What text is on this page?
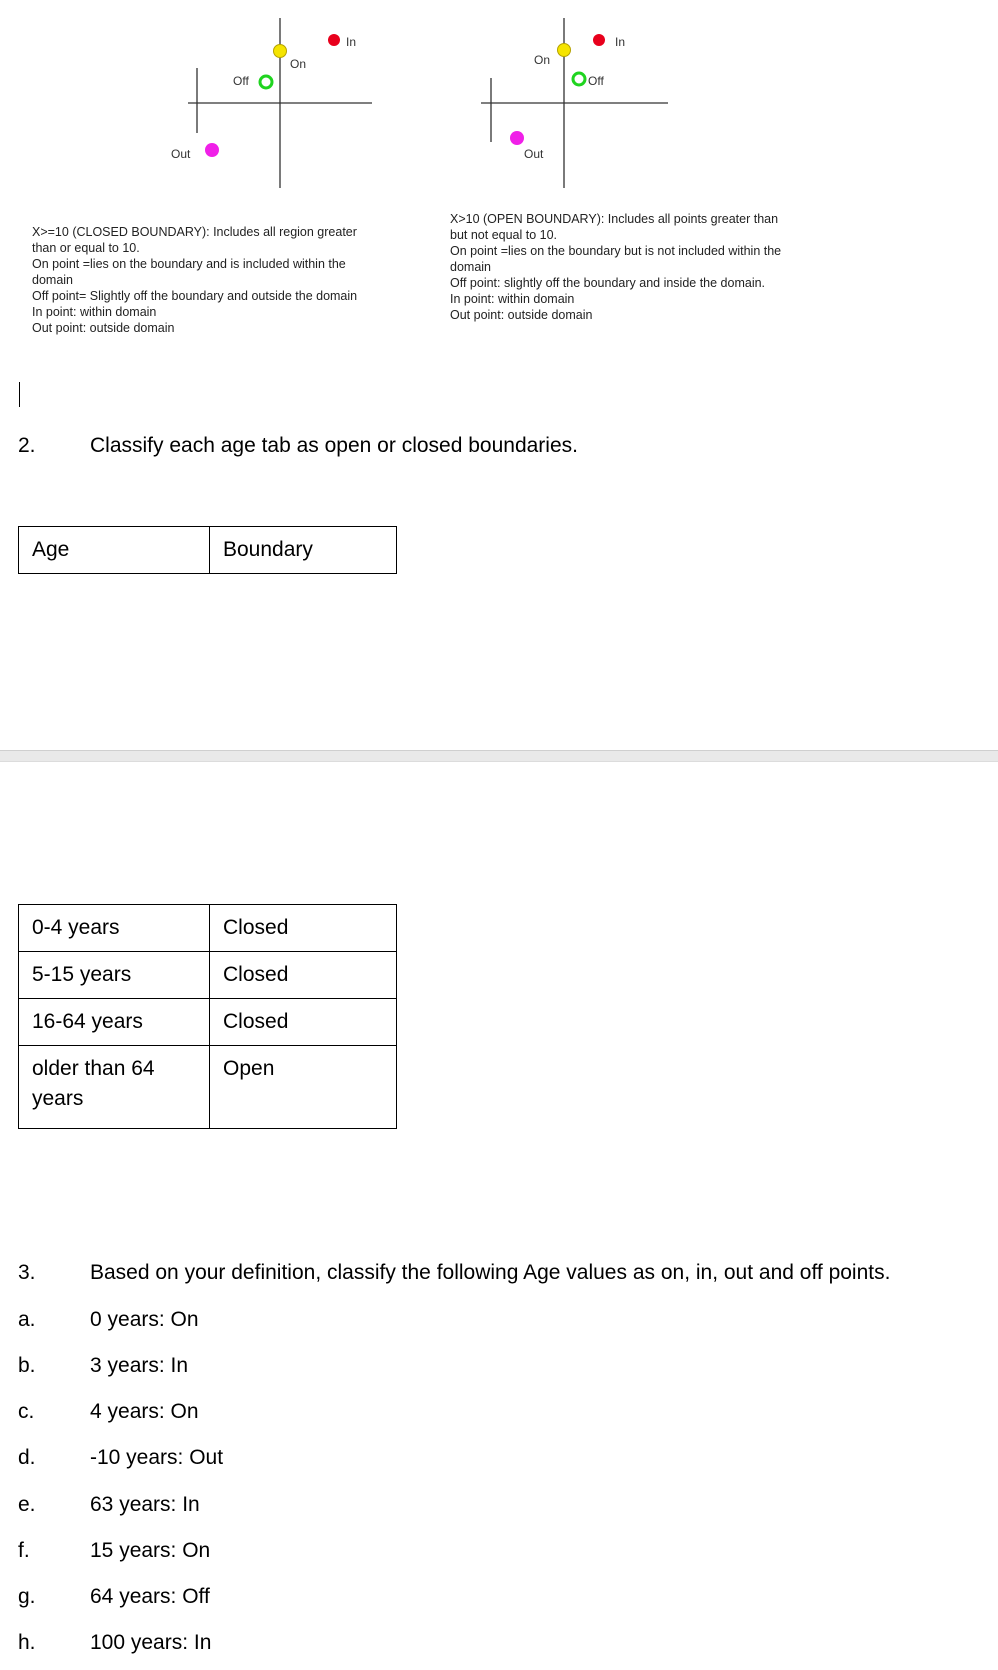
In
On
Off
Out
In
On
Off
Out
X>=10 (CLOSED BOUNDARY): Includes all region greater
than or equal to 10.
On point =lies on the boundary and is included within the
domain
Off point= Slightly off the boundary and outside the domain
In point: within domain
Out point: outside domain
X>10 (OPEN BOUNDARY): Includes all points greater than
but not equal to 10.
On point =lies on the boundary but is not included within the
domain
Off point: slightly off the boundary and inside the domain.
In point: within domain
Out point: outside domain
2.	Classify each age tab as open or closed boundaries.
Age	Boundary
0-4 years	Closed
5-15 years	Closed
16-64 years	Closed
older than 64 years	Open
3.	Based on your definition, classify the following Age values as on, in, out and off points.
a.	0 years: On
b.	3 years: In
c.	4 years: On
d.	-10 years: Out
e.	63 years: In
f.	15 years: On
g.	64 years: Off
h.	100 years: In
